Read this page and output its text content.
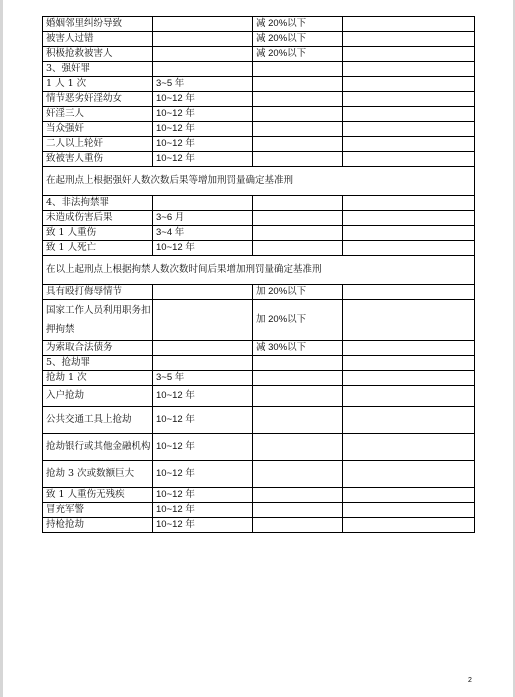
婚姻邻里纠纷导致		减 20%以下	
被害人过错		减 20%以下	
积极抢救被害人		减 20%以下	
3、强奸罪			
1 人 1 次	3~5 年		
情节恶劣奸淫幼女	10~12 年		
奸淫三人	10~12 年		
当众强奸	10~12 年		
二人以上轮奸	10~12 年		
致被害人重伤	10~12 年		
在起刑点上根据强奸人数次数后果等增加刑罚量确定基准刑			
4、非法拘禁罪			
未造成伤害后果	3~6 月		
致 1 人重伤	3~4 年		
致 1 人死亡	10~12 年		
在以上起刑点上根据拘禁人数次数时间后果增加刑罚量确定基准刑			
具有殴打侮辱情节		加 20%以下	
国家工作人员利用职务扣押拘禁		加 20%以下	
为索取合法债务		减 30%以下	
5、抢劫罪			
抢劫 1 次	3~5 年		
入户抢劫	10~12 年		
公共交通工具上抢劫	10~12 年		
抢劫银行或其他金融机构	10~12 年		
抢劫 3 次或数额巨大	10~12 年		
致 1 人重伤无残疾	10~12 年		
冒充军警	10~12 年		
持枪抢劫	10~12 年		
2
